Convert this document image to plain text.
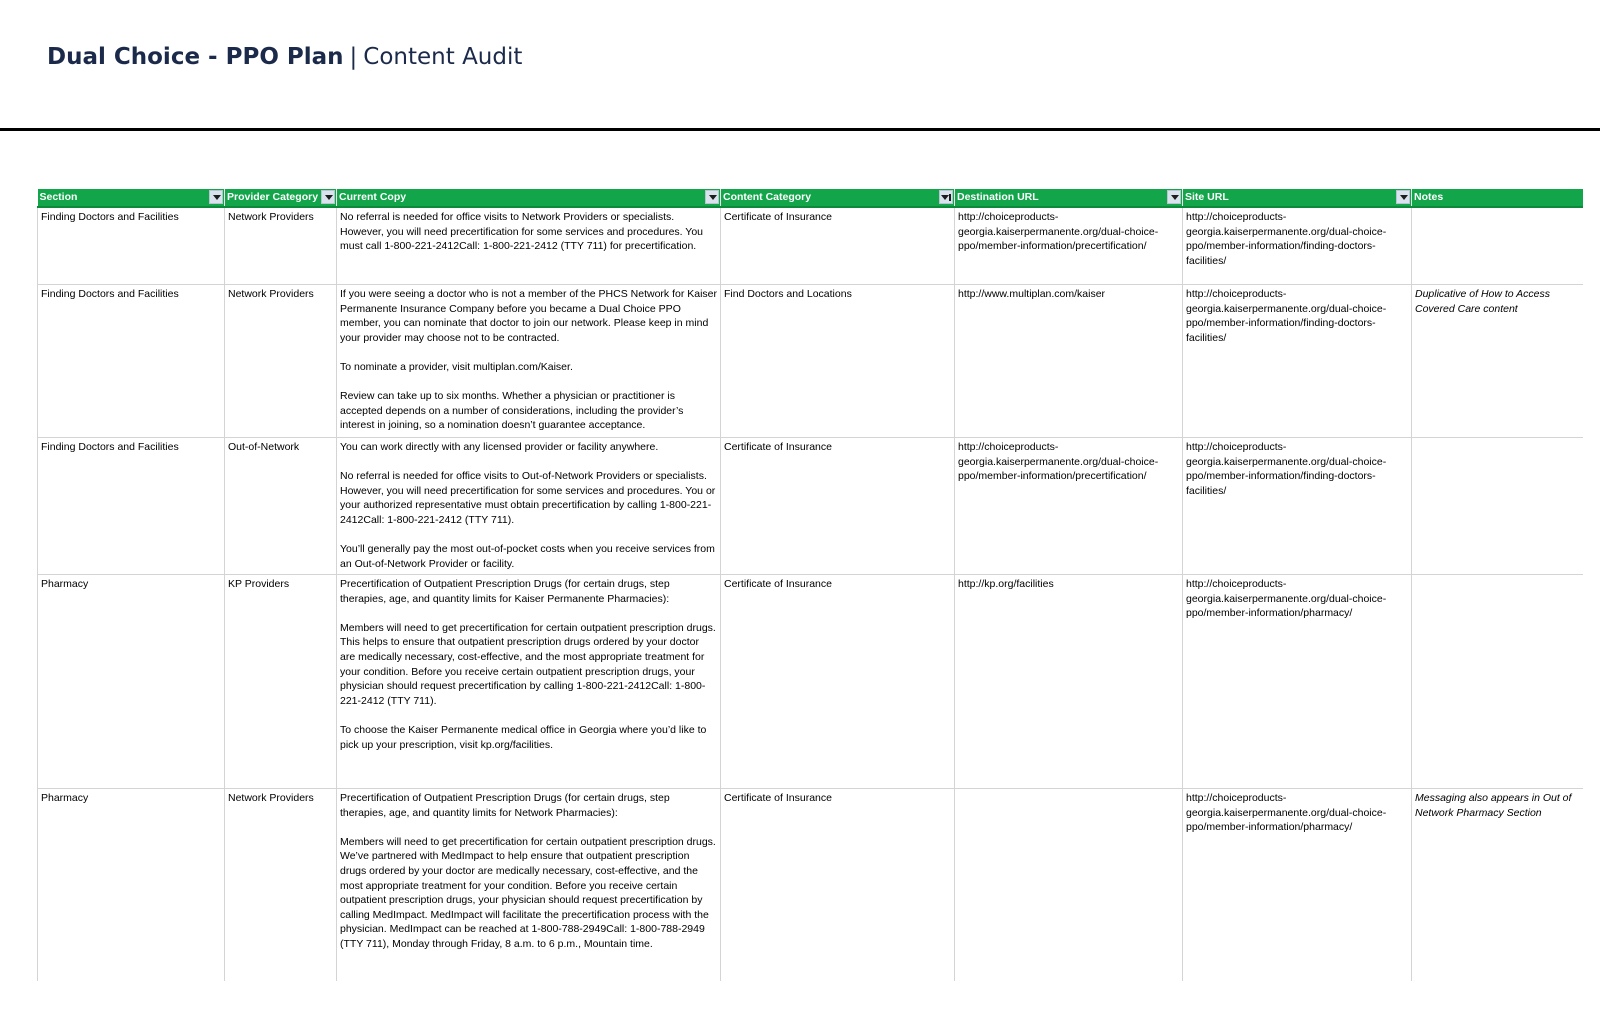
Dual Choice - PPO Plan | Content Audit
Section	Provider Category	Current Copy	Content Category	Destination URL	Site URL	Notes
Finding Doctors and Facilities	Network Providers	No referral is needed for office visits to Network Providers or specialists. However, you will need precertification for some services and procedures. You must call 1-800-221-2412Call: 1-800-221-2412 (TTY 711) for precertification.	Certificate of Insurance	http://choiceproducts-georgia.kaiserpermanente.org/dual-choice-ppo/member-information/precertification/	http://choiceproducts-georgia.kaiserpermanente.org/dual-choice-ppo/member-information/finding-doctors-facilities/	
Finding Doctors and Facilities	Network Providers	If you were seeing a doctor who is not a member of the PHCS Network for Kaiser Permanente Insurance Company before you became a Dual Choice PPO member, you can nominate that doctor to join our network. Please keep in mind your provider may choose not to be contracted.

To nominate a provider, visit multiplan.com/Kaiser.

Review can take up to six months. Whether a physician or practitioner is accepted depends on a number of considerations, including the provider’s interest in joining, so a nomination doesn’t guarantee acceptance.	Find Doctors and Locations	http://www.multiplan.com/kaiser	http://choiceproducts-georgia.kaiserpermanente.org/dual-choice-ppo/member-information/finding-doctors-facilities/	Duplicative of How to Access Covered Care content
Finding Doctors and Facilities	Out-of-Network	You can work directly with any licensed provider or facility anywhere.

No referral is needed for office visits to Out-of-Network Providers or specialists. However, you will need precertification for some services and procedures. You or your authorized representative must obtain precertification by calling 1-800-221-2412Call: 1-800-221-2412 (TTY 711).

You’ll generally pay the most out-of-pocket costs when you receive services from an Out-of-Network Provider or facility.	Certificate of Insurance	http://choiceproducts-georgia.kaiserpermanente.org/dual-choice-ppo/member-information/precertification/	http://choiceproducts-georgia.kaiserpermanente.org/dual-choice-ppo/member-information/finding-doctors-facilities/	
Pharmacy	KP Providers	Precertification of Outpatient Prescription Drugs (for certain drugs, step therapies, age, and quantity limits for Kaiser Permanente Pharmacies):

Members will need to get precertification for certain outpatient prescription drugs. This helps to ensure that outpatient prescription drugs ordered by your doctor are medically necessary, cost-effective, and the most appropriate treatment for your condition. Before you receive certain outpatient prescription drugs, your physician should request precertification by calling 1-800-221-2412Call: 1-800-221-2412 (TTY 711).

To choose the Kaiser Permanente medical office in Georgia where you’d like to pick up your prescription, visit kp.org/facilities.	Certificate of Insurance	http://kp.org/facilities	http://choiceproducts-georgia.kaiserpermanente.org/dual-choice-ppo/member-information/pharmacy/	
Pharmacy	Network Providers	Precertification of Outpatient Prescription Drugs (for certain drugs, step therapies, age, and quantity limits for Network Pharmacies):

Members will need to get precertification for certain outpatient prescription drugs. We’ve partnered with MedImpact to help ensure that outpatient prescription drugs ordered by your doctor are medically necessary, cost-effective, and the most appropriate treatment for your condition. Before you receive certain outpatient prescription drugs, your physician should request precertification by calling MedImpact. MedImpact will facilitate the precertification process with the physician. MedImpact can be reached at 1-800-788-2949Call: 1-800-788-2949 (TTY 711), Monday through Friday, 8 a.m. to 6 p.m., Mountain time.	Certificate of Insurance		http://choiceproducts-georgia.kaiserpermanente.org/dual-choice-ppo/member-information/pharmacy/	Messaging also appears in Out of Network Pharmacy Section
